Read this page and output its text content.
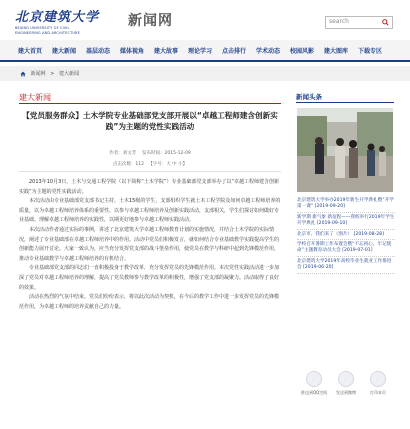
北京建筑大学
BEIJING UNIVERSITY OF CIVIL
ENGINEERING AND ARCHITECTURE
新闻网	search
建大首页 建大新闻 基层动态 媒体视角 建大故事 理论学习 点击排行 学术动态 校园风影 建大图库 下载专区
新闻网 > 建大新闻
建大新闻
【党员服务群众】土木学院专业基础部党支部开展以“卓越工程师建含创新实践”为主题的党性实践活动
作者：刘文芳 发布时间：2015-12-09
点击次数：112 【字号：大 中 小】

2013年10月3日，土木与交通工程学院（以下简称“土木学院”）专业基础部党支部举办了以“卓越工程师建含创新实践”为主题的党性实践活动。

本次活动由专业基础部党支部书记主持。土木15级的学生，支部组织学生就土木工程学院及如何卓越工程师培养的质量，以为卓越工程师培养体系的重要性。以参与卓越工程师培养及创新实践活动，支部相关，学生们探讨如何做好专业基础。理解卓越工程师培养的实践性，以期更好地参与卓越工程师实践活动。

本次活动作者通过实际的事例，讲述了北京建筑大学卓越工程师教育计划的实施情况，并结合土木学院的实际情况，阐述了专业基础部在卓越工程师培养中的作用。活动中党员们积极发言，就如何结合专业基础教学实践提高学生的创新能力展开讨论。大家一致认为，应当充分发挥党支部的战斗堡垒作用，使党员在教学与科研中起到先锋模范作用，推动专业基础教学与卓越工程师培养的有机结合。

专业基础部党支部的同志们一直积极投身于教学改革，充分发挥党员的先锋模范作用。本次党性实践活动进一步加深了党员对卓越工程师培养的理解，提高了党员教师参与教学改革的积极性，增强了党支部的凝聚力。活动取得了良好的效果。

活动在热烈的气氛中结束。党员们纷纷表示，将以此次活动为契机，在今后的教学工作中进一步发挥党员的先锋模范作用，为卓越工程师的培养贡献自己的力量。

新闻头条
北京建筑大学举办2019年新生开学典礼暨“开学第一课” [2019-09-20]
新学期 新气象 新征程——我校举行2019年学生开学典礼 [2019-09-10]
北京市、我们来了（图片） [2019-08-28]
学校召开暑期工作布置会暨“不忘初心、牢记使命”主题教育动员大会 [2019-07-01]
北京建筑大学2019年高校毕业生就业工作推进会 [2019-06-20]
推送到QQ空间	发送到微博	打印本页
